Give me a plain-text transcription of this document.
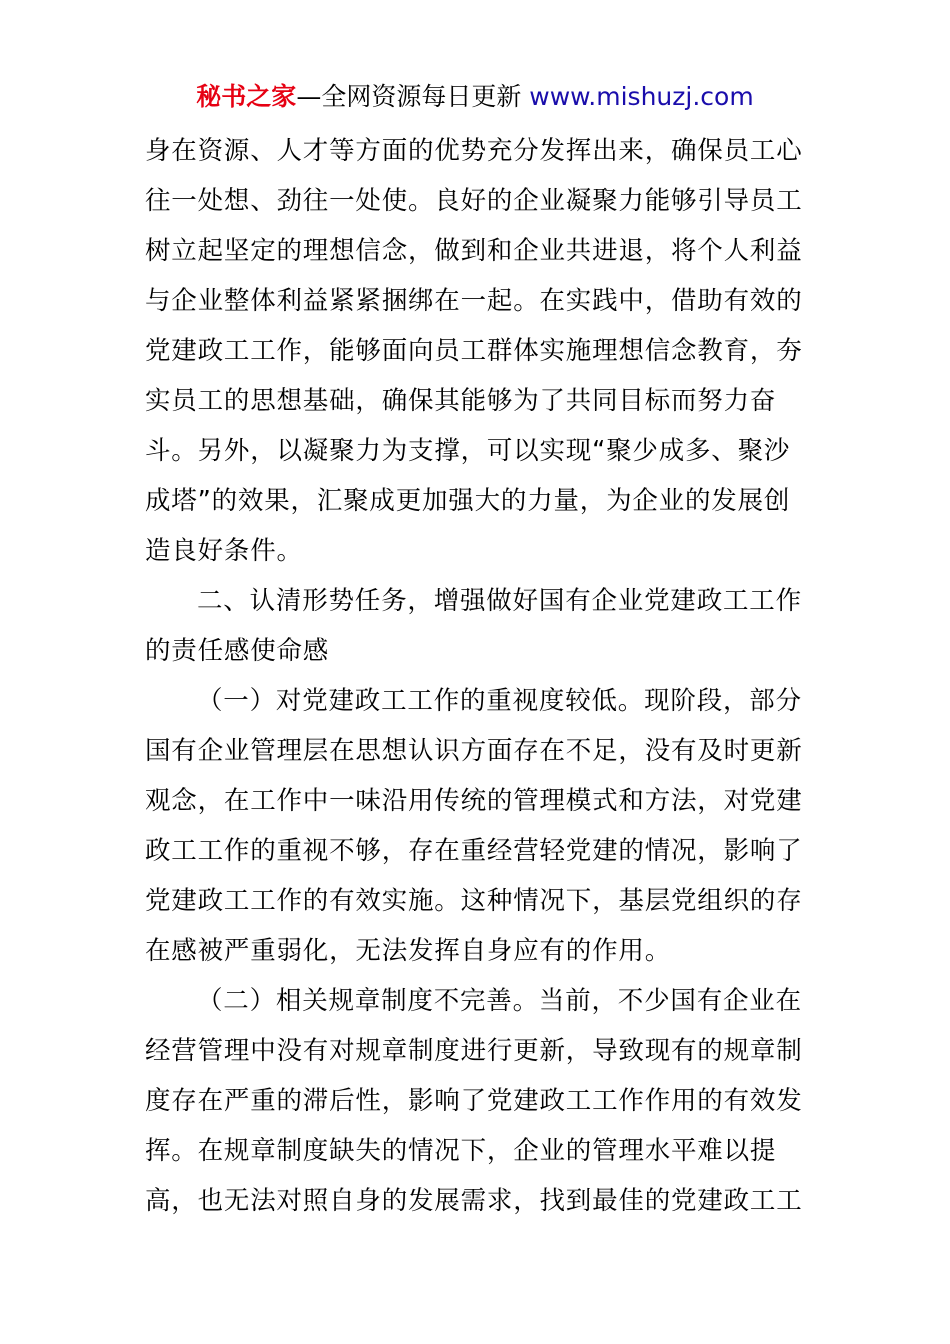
秘书之家—全网资源每日更新 www.mishuzj.com
身在资源、人才等方面的优势充分发挥出来，确保员工心
往一处想、劲往一处使。良好的企业凝聚力能够引导员工
树立起坚定的理想信念，做到和企业共进退，将个人利益
与企业整体利益紧紧捆绑在一起。在实践中，借助有效的
党建政工工作，能够面向员工群体实施理想信念教育，夯
实员工的思想基础，确保其能够为了共同目标而努力奋
斗。另外，以凝聚力为支撑，可以实现“聚少成多、聚沙
成塔”的效果，汇聚成更加强大的力量，为企业的发展创
造良好条件。
二、认清形势任务，增强做好国有企业党建政工工作
的责任感使命感
（一）对党建政工工作的重视度较低。现阶段，部分
国有企业管理层在思想认识方面存在不足，没有及时更新
观念，在工作中一味沿用传统的管理模式和方法，对党建
政工工作的重视不够，存在重经营轻党建的情况，影响了
党建政工工作的有效实施。这种情况下，基层党组织的存
在感被严重弱化，无法发挥自身应有的作用。
（二）相关规章制度不完善。当前，不少国有企业在
经营管理中没有对规章制度进行更新，导致现有的规章制
度存在严重的滞后性，影响了党建政工工作作用的有效发
挥。在规章制度缺失的情况下，企业的管理水平难以提
高，也无法对照自身的发展需求，找到最佳的党建政工工
